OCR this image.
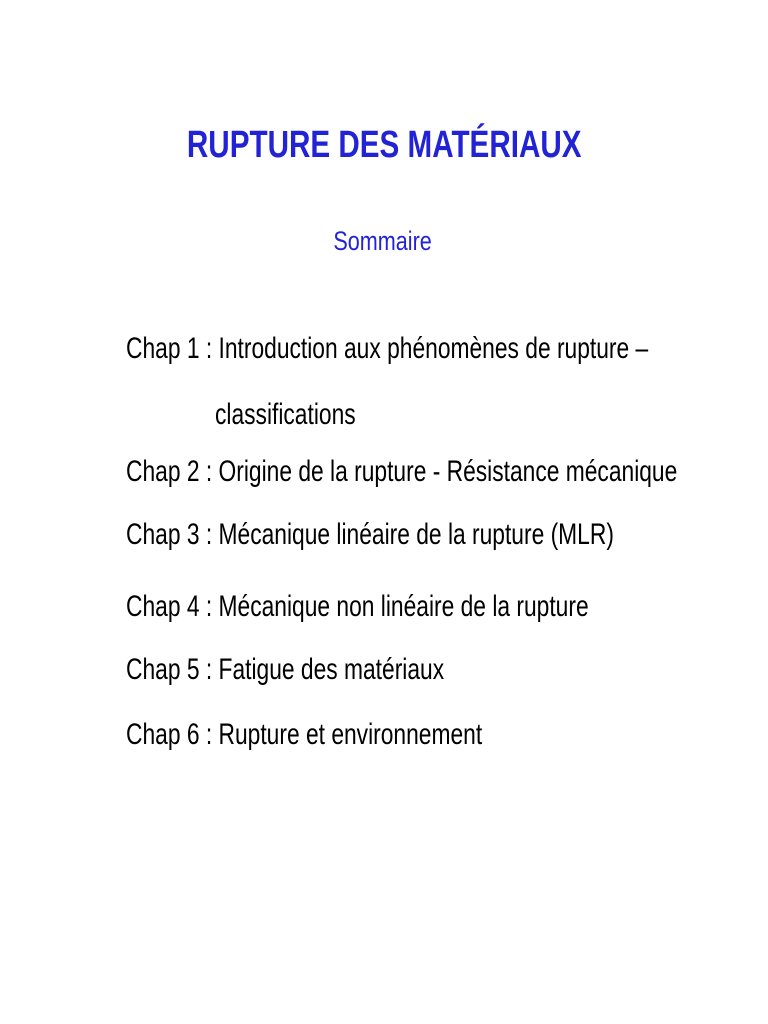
RUPTURE DES MATÉRIAUX
Sommaire
Chap 1 : Introduction aux phénomènes de rupture –
classifications
Chap 2 : Origine de la rupture - Résistance mécanique
Chap 3 : Mécanique linéaire de la rupture (MLR)
Chap 4 : Mécanique non linéaire de la rupture
Chap 5 : Fatigue des matériaux
Chap 6 : Rupture et environnement
